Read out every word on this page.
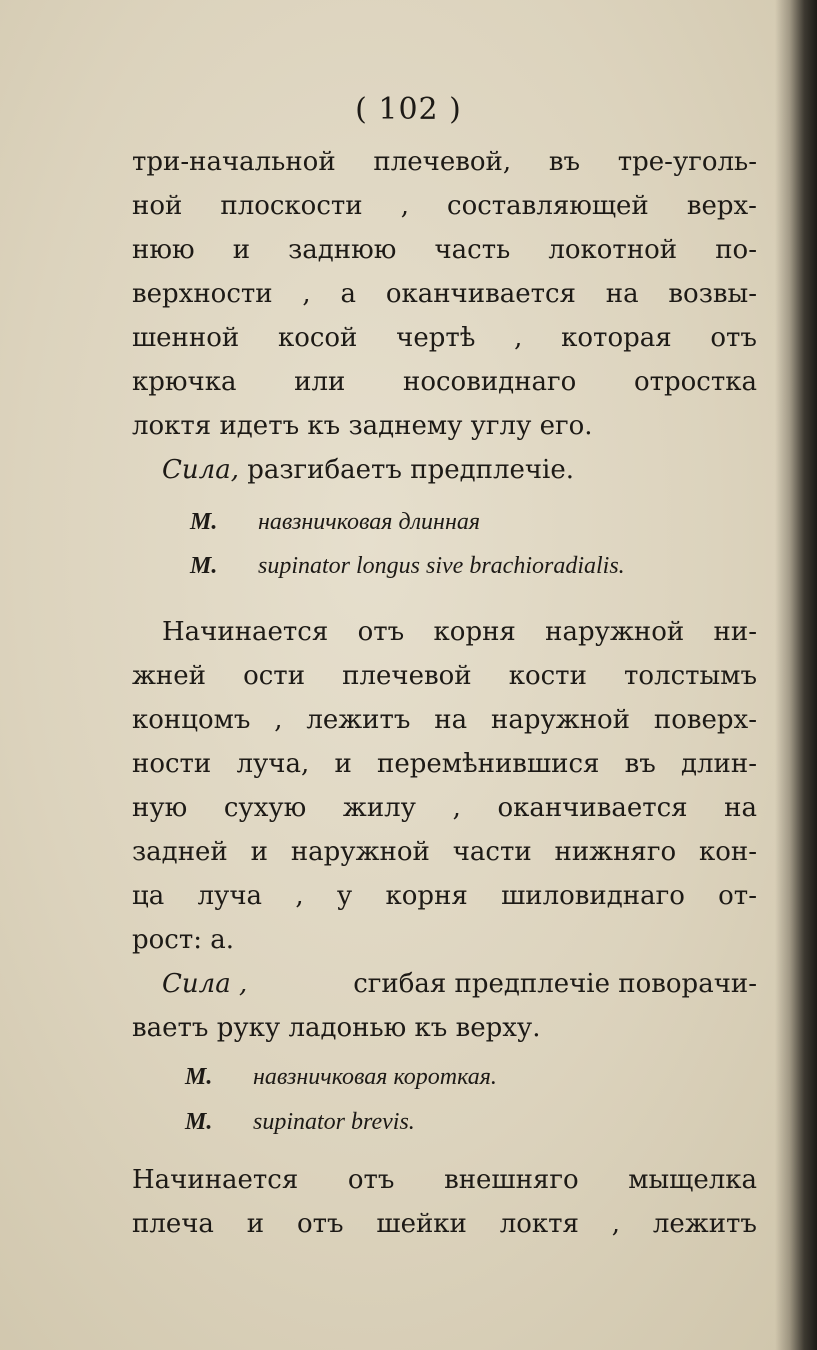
( 102 )
три-начальной плечевой, въ тре-уголь-
ной плоскости , составляющей верх-
нюю и заднюю часть локотной по-
верхности , а оканчивается на возвы-
шенной косой чертѣ , которая отъ
крючка или носовиднаго отростка
локтя идетъ къ заднему углу его.
Сила,
разгибаетъ предплечіе.
M. навзничковая длинная
M. supinator longus sive brachioradialis.
Начинается отъ корня наружной ни-
жней ости плечевой кости толстымъ
концомъ , лежитъ на наружной поверх-
ности луча, и перемѣнившися въ длин-
ную сухую жилу , оканчивается на
задней и наружной части нижняго кон-
ца луча , у корня шиловиднаго от-
рост: а.
Сила ,
	сгибая предплечіе поворачи-
ваетъ руку ладонью къ верху.
M. навзничковая короткая.
M. supinator brevis.
Начинается отъ внешняго мыщелка
плеча и отъ шейки локтя , лежитъ
